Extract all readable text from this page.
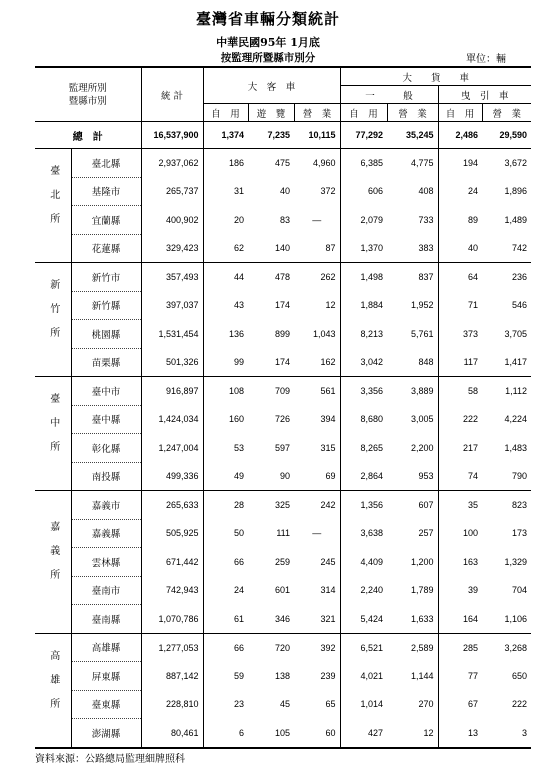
臺灣省車輛分類統計
中華民國95年 1月底
按監理所暨縣市別分	單位：輛
監理所別
暨縣市別		統 計	大　客　車			大　　貨　　車			
						一　　　般		曳　引　車	
			自　用	遊　覽	營　業	自　用	營　業	自　用	營　業
總　計		16,537,900	1,374	7,235	10,115	77,292	35,245	2,486	29,590
臺北所	臺北縣	2,937,062	186	475	4,960	6,385	4,775	194	3,672
	基隆市	265,737	31	40	372	606	408	24	1,896
	宜蘭縣	400,902	20	83	—	2,079	733	89	1,489
	花蓮縣	329,423	62	140	87	1,370	383	40	742
新竹所	新竹市	357,493	44	478	262	1,498	837	64	236
	新竹縣	397,037	43	174	12	1,884	1,952	71	546
	桃園縣	1,531,454	136	899	1,043	8,213	5,761	373	3,705
	苗栗縣	501,326	99	174	162	3,042	848	117	1,417
臺中所	臺中市	916,897	108	709	561	3,356	3,889	58	1,112
	臺中縣	1,424,034	160	726	394	8,680	3,005	222	4,224
	彰化縣	1,247,004	53	597	315	8,265	2,200	217	1,483
	南投縣	499,336	49	90	69	2,864	953	74	790
嘉義所	嘉義市	265,633	28	325	242	1,356	607	35	823
	嘉義縣	505,925	50	111	—	3,638	257	100	173
	雲林縣	671,442	66	259	245	4,409	1,200	163	1,329
	臺南市	742,943	24	601	314	2,240	1,789	39	704
	臺南縣	1,070,786	61	346	321	5,424	1,633	164	1,106
高雄所	高雄縣	1,277,053	66	720	392	6,521	2,589	285	3,268
	屏東縣	887,142	59	138	239	4,021	1,144	77	650
	臺東縣	228,810	23	45	65	1,014	270	67	222
	澎湖縣	80,461	6	105	60	427	12	13	3
資料來源：公路總局監理細牌照科
